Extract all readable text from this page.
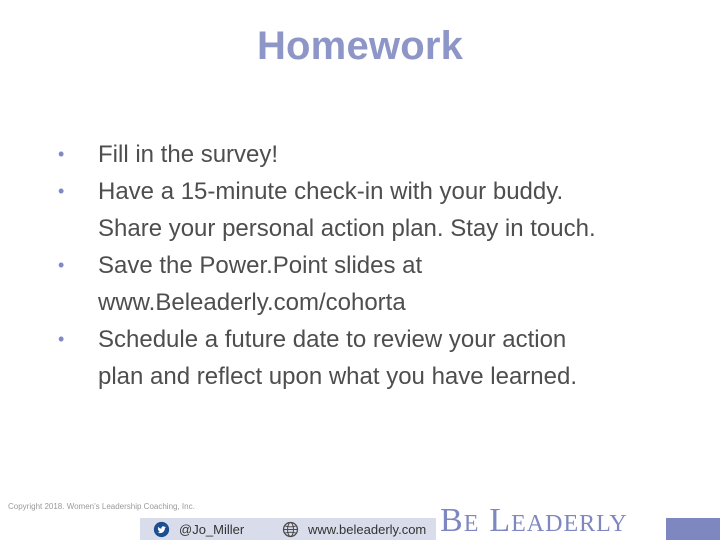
Homework
•	Fill in the survey!
•	Have a 15-minute check-in with your buddy.
Share your personal action plan. Stay in touch.
•	Save the Power.Point slides at
www.Beleaderly.com/cohorta
•	Schedule a future date to review your action
plan and reflect upon what you have learned.
Copyright 2018. Women's Leadership Coaching, Inc.
@Jo_Miller	www.beleaderly.com BE LEADERLY
